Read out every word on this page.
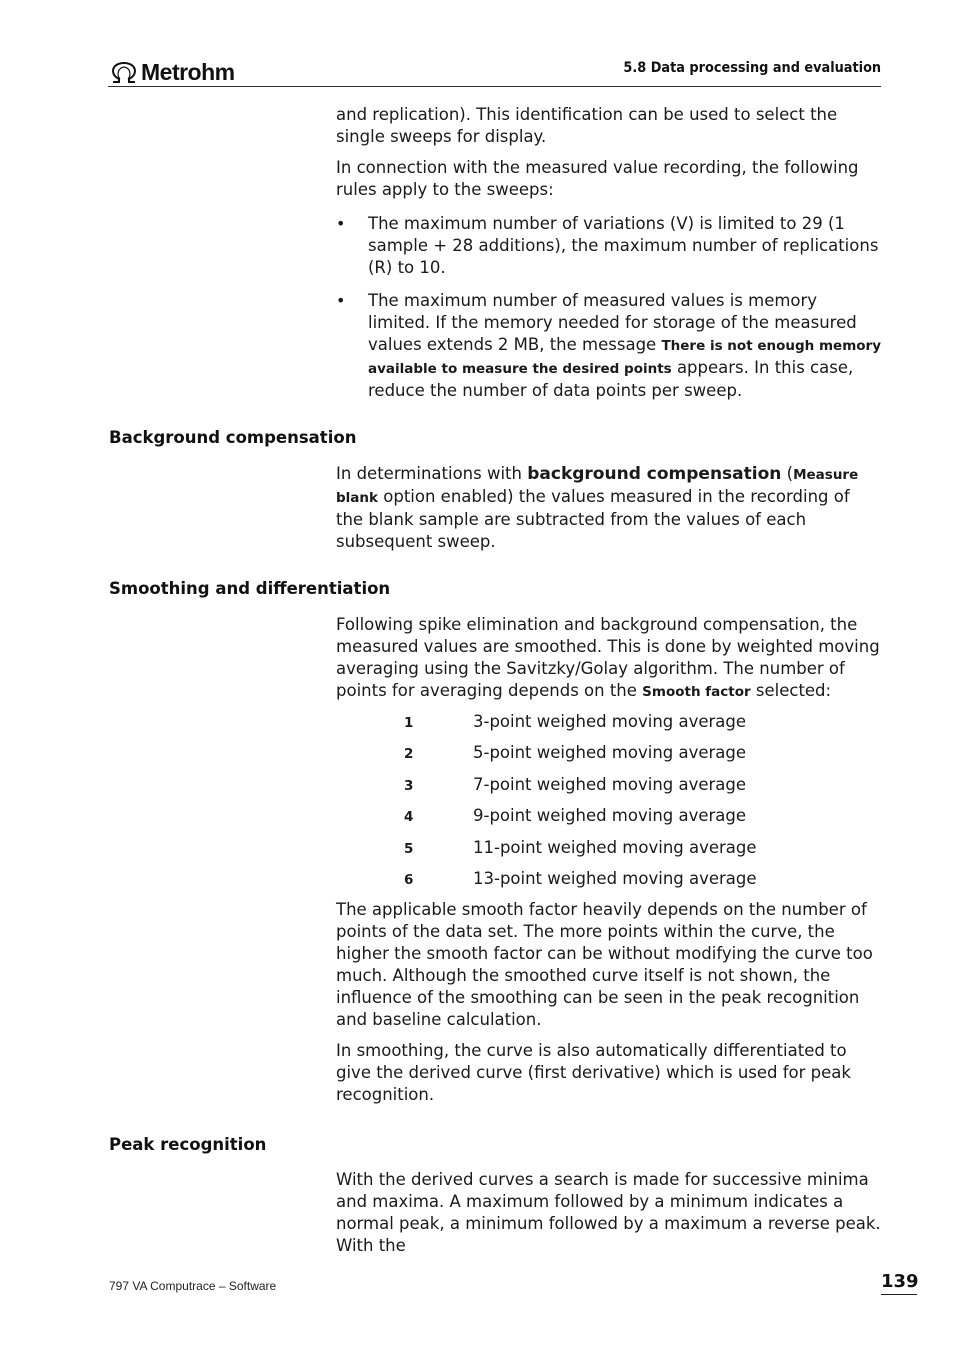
Metrohm	5.8 Data processing and evaluation

and replication). This identification can be used to select the single sweeps for display.

In connection with the measured value recording, the following rules apply to the sweeps:

• The maximum number of variations (V) is limited to 29 (1 sample + 28 additions), the maximum number of replications (R) to 10.
• The maximum number of measured values is memory limited. If the memory needed for storage of the measured values extends 2 MB, the message There is not enough memory available to measure the desired points appears. In this case, reduce the number of data points per sweep.
Background compensation

In determinations with background compensation (Measure blank option enabled) the values measured in the recording of the blank sample are subtracted from the values of each subsequent sweep.

Smoothing and differentiation

Following spike elimination and background compensation, the measured values are smoothed. This is done by weighted moving averaging using the Savitzky/Golay algorithm. The number of points for averaging depends on the Smooth factor selected:

1	3-point weighed moving average
2	5-point weighed moving average
3	7-point weighed moving average
4	9-point weighed moving average
5	11-point weighed moving average
6	13-point weighed moving average

The applicable smooth factor heavily depends on the number of points of the data set. The more points within the curve, the higher the smooth factor can be without modifying the curve too much. Although the smoothed curve itself is not shown, the influence of the smoothing can be seen in the peak recognition and baseline calculation.

In smoothing, the curve is also automatically differentiated to give the derived curve (first derivative) which is used for peak recognition.

Peak recognition

With the derived curves a search is made for successive minima and maxima. A maximum followed by a minimum indicates a normal peak, a minimum followed by a maximum a reverse peak. With the

797 VA Computrace – Software	139
